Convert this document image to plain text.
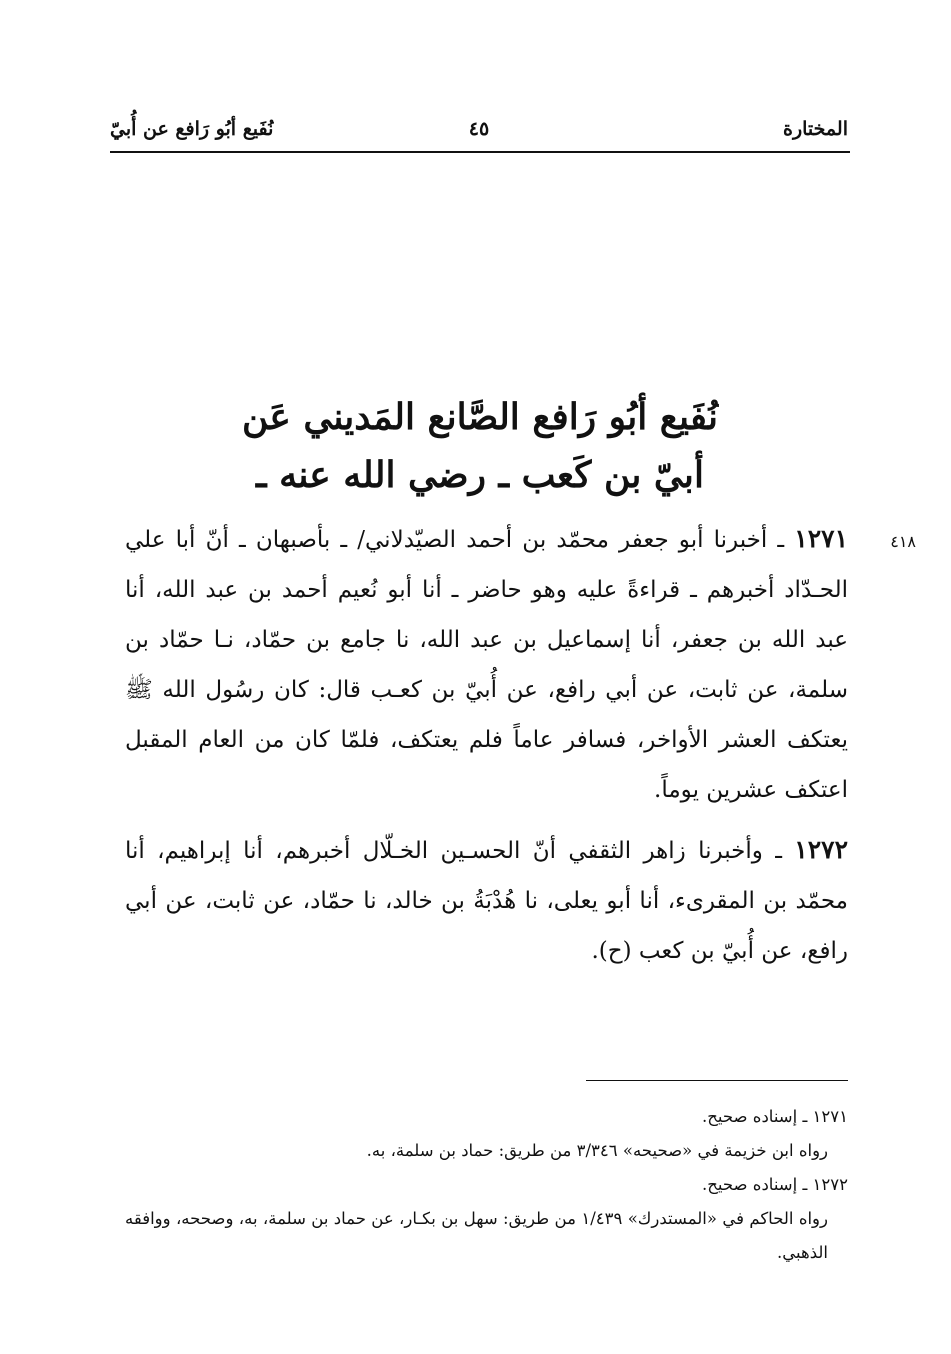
المختارة
٤٥
نُفَيع أبُو رَافع عن أُبيّ
نُفَيع أبُو رَافع الصَّانع المَديني عَن
أبيّ بن كَعب ـ رضي الله عنه ـ
٤١٨

١٢٧١ ـ أخبرنا أبو جعفر محمّد بن أحمد الصيّدلاني/ ـ بأصبهان ـ أنّ أبا علي الحـدّاد أخبرهم ـ قراءةً عليه وهو حاضر ـ أنا أبو نُعيم أحمد بن عبد الله، أنا عبد الله بن جعفر، أنا إسماعيل بن عبد الله، نا جامع بن حمّاد، نـا حمّاد بن سلمة، عن ثابت، عن أبي رافع، عن أُبيّ بن كعـب قال: كان رسُول الله ﷺ يعتكف العشر الأواخر، فسافر عاماً فلم يعتكف، فلمّا كان من العام المقبل اعتكف عشرين يوماً.

١٢٧٢ ـ وأخبرنا زاهر الثقفي أنّ الحسـين الخـلّال أخبرهم، أنا إبراهيم، أنا محمّد بن المقرىء، أنا أبو يعلى، نا هُدْبَةُ بن خالد، نا حمّاد، عن ثابت، عن أبي رافع، عن أُبيّ بن كعب (ح).

١٢٧١ ـ إسناده صحيح.

رواه ابن خزيمة في «صحيحه» ٣/٣٤٦ من طريق: حماد بن سلمة، به.

١٢٧٢ ـ إسناده صحيح.

رواه الحاكم في «المستدرك» ١/٤٣٩ من طريق: سهل بن بكـار، عن حماد بن سلمة، به، وصححه، ووافقه الذهبي.
